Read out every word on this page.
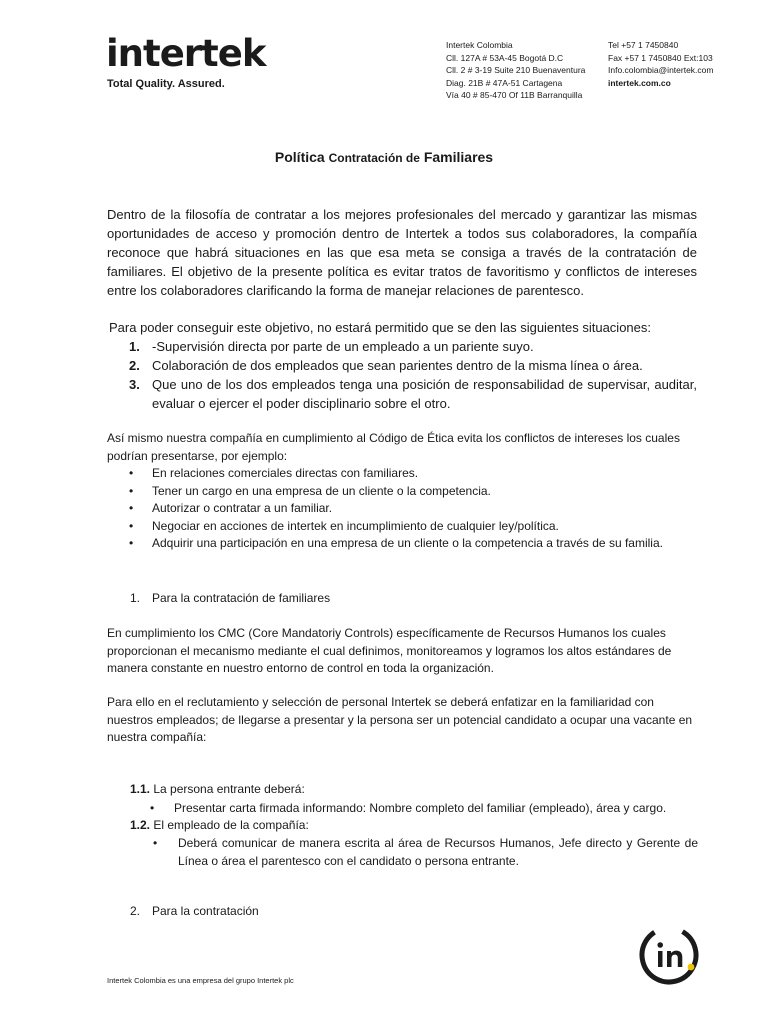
intertek
Total Quality. Assured.
Intertek Colombia
Cll. 127A # 53A-45 Bogotá D.C
Cll. 2 # 3-19 Suite 210 Buenaventura
Diag. 21B # 47A-51 Cartagena
Vía 40 # 85-470 Of 11B Barranquilla
Tel +57 1 7450840
Fax +57 1 7450840 Ext:103
Info.colombia@intertek.com
intertek.com.co
Política Contratación de Familiares
Dentro de la filosofía de contratar a los mejores profesionales del mercado y garantizar las mismas oportunidades de acceso y promoción dentro de Intertek a todos sus colaboradores, la compañía reconoce que habrá situaciones en las que esa meta se consiga a través de la contratación de familiares. El objetivo de la presente política es evitar tratos de favoritismo y conflictos de intereses entre los colaboradores clarificando la forma de manejar relaciones de parentesco.
Para poder conseguir este objetivo, no estará permitido que se den las siguientes situaciones:
1. -Supervisión directa por parte de un empleado a un pariente suyo.
2. Colaboración de dos empleados que sean parientes dentro de la misma línea o área.
3. Que uno de los dos empleados tenga una posición de responsabilidad de supervisar, auditar, evaluar o ejercer el poder disciplinario sobre el otro.
Así mismo nuestra compañía en cumplimiento al Código de Ética evita los conflictos de intereses los cuales podrían presentarse, por ejemplo:
• En relaciones comerciales directas con familiares.
• Tener un cargo en una empresa de un cliente o la competencia.
• Autorizar o contratar a un familiar.
• Negociar en acciones de intertek en incumplimiento de cualquier ley/política.
• Adquirir una participación en una empresa de un cliente o la competencia a través de su familia.
1. Para la contratación de familiares
En cumplimiento los CMC (Core Mandatoriy Controls) específicamente de Recursos Humanos los cuales proporcionan el mecanismo mediante el cual definimos, monitoreamos y logramos los altos estándares de manera constante en nuestro entorno de control en toda la organización.
Para ello en el reclutamiento y selección de personal Intertek se deberá enfatizar en la familiaridad con nuestros empleados; de llegarse a presentar y la persona ser un potencial candidato a ocupar una vacante en nuestra compañía:
1.1. La persona entrante deberá:
• Presentar carta firmada informando: Nombre completo del familiar (empleado), área y cargo.
1.2. El empleado de la compañía:
•	Deberá comunicar de manera escrita al área de Recursos Humanos, Jefe directo y Gerente de Línea o área el parentesco con el candidato o persona entrante.
2. Para la contratación
Intertek Colombia es una empresa del grupo Intertek plc
